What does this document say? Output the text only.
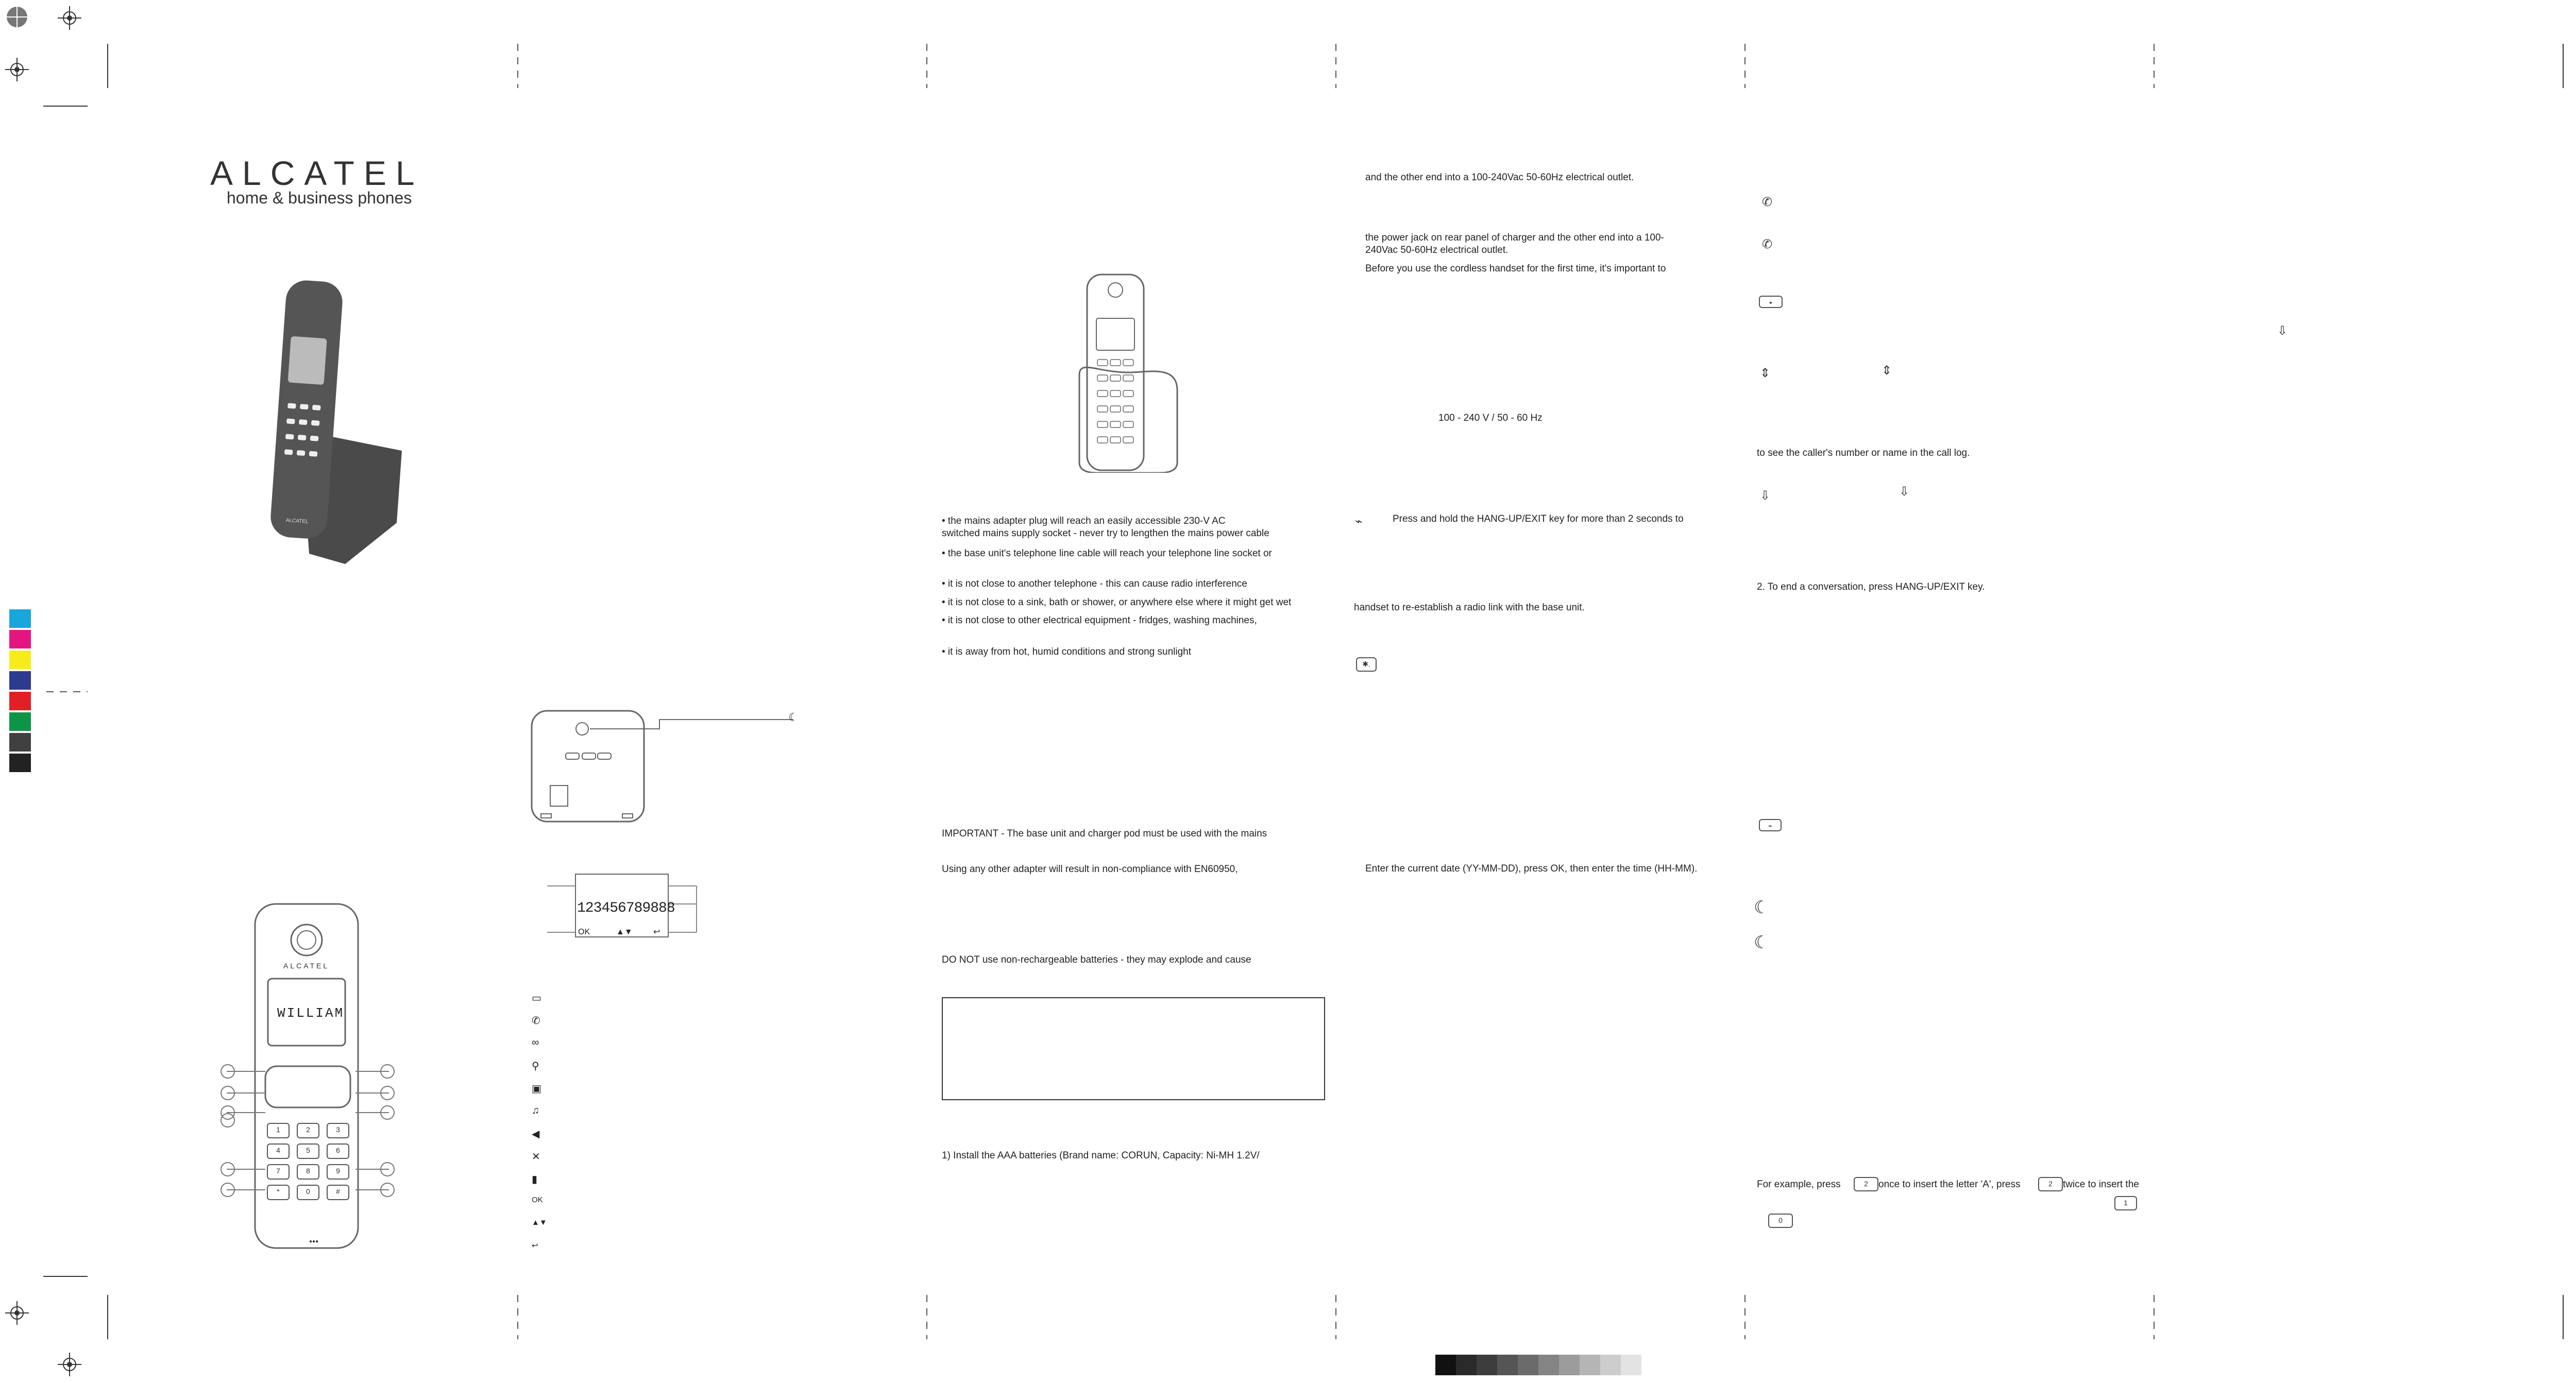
ALCATEL
home & business phones
ALCATEL
ALCATEL
●●●
WILLIAM
1	2	3
4	5	6
7	8	9
*	0	#
☾
123456789888
OK	▲▼	↩
▭
✆
∞
⚲
▣
♫
◀
✕
▮
OK
▲▼
↩
• the mains adapter plug will reach an easily accessible 230-V AC
switched mains supply socket - never try to lengthen the mains power cable
• the base unit's telephone line cable will reach your telephone line socket or
• it is not close to another telephone - this can cause radio interference
• it is not close to a sink, bath or shower, or anywhere else where it might get wet
• it is not close to other electrical equipment - fridges, washing machines,
• it is away from hot, humid conditions and strong sunlight
IMPORTANT - The base unit and charger pod must be used with the mains
Using any other adapter will result in non-compliance with EN60950,
DO NOT use non-rechargeable batteries - they may explode and cause
1) Install the AAA batteries (Brand name: CORUN, Capacity: Ni-MH 1.2V/
and the other end into a 100-240Vac 50-60Hz electrical outlet.
the power jack on rear panel of charger and the other end into a 100-
240Vac 50-60Hz electrical outlet.
Before you use the cordless handset for the first time, it's important to
100 - 240 V / 50 - 60 Hz
⌁	Press and hold the HANG-UP/EXIT key for more than 2 seconds to
handset to re-establish a radio link with the base unit.
✱.
Enter the current date (YY-MM-DD), press OK, then enter the time (HH-MM).
✆
✆
▪
⇕	⇕
⇩
to see the caller's number or name in the call log.
⇩	⇩
2. To end a conversation, press HANG-UP/EXIT key.
⌁
☾
☾
For example, press	2	once to insert the letter 'A', press	2	twice to insert the
1
0
